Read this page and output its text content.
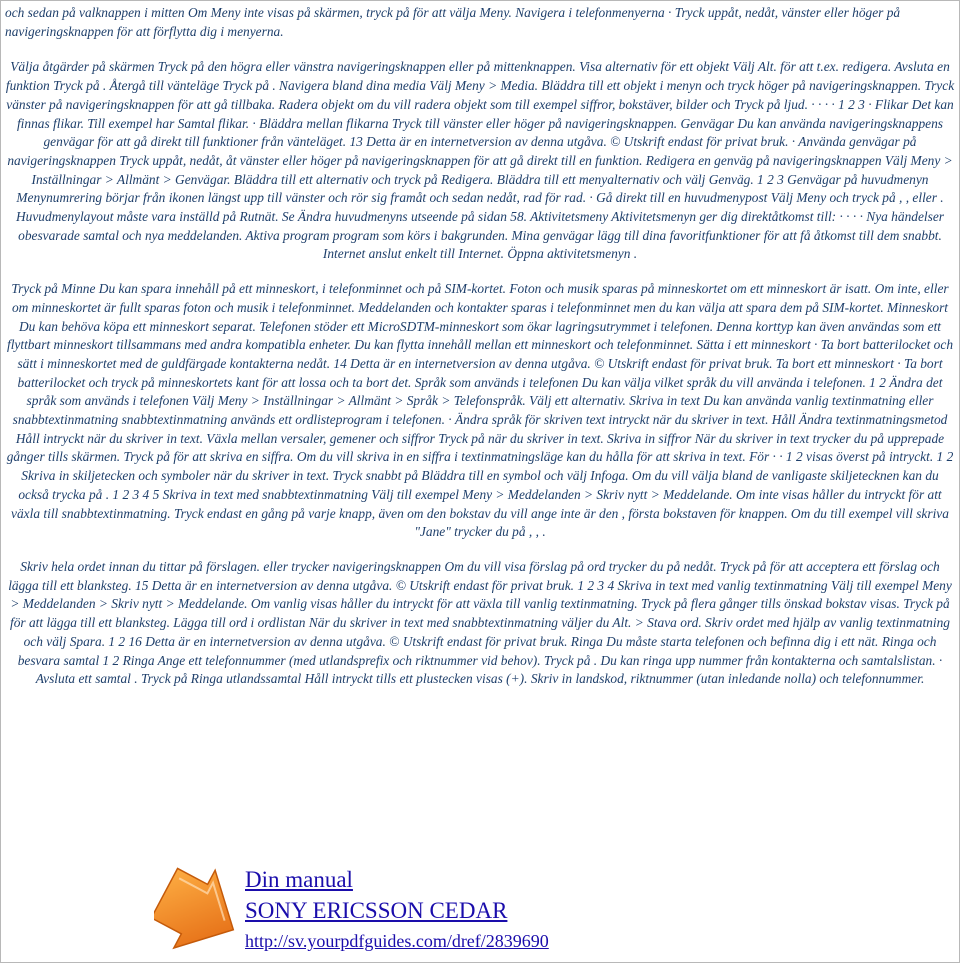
och sedan på valknappen i mitten Om Meny inte visas på skärmen, tryck på för att välja Meny. Navigera i telefonmenyerna · Tryck uppåt, nedåt, vänster eller höger på navigeringsknappen för att förflytta dig i menyerna.

Välja åtgärder på skärmen Tryck på den högra eller vänstra navigeringsknappen eller på mittenknappen. Visa alternativ för ett objekt Välj Alt. för att t.ex. redigera. Avsluta en funktion Tryck på . Återgå till vänteläge Tryck på . Navigera bland dina media Välj Meny > Media. Bläddra till ett objekt i menyn och tryck höger på navigeringsknappen. Tryck vänster på navigeringsknappen för att gå tillbaka. Radera objekt om du vill radera objekt som till exempel siffror, bokstäver, bilder och Tryck på ljud. · · · · 1 2 3 · Flikar Det kan finnas flikar. Till exempel har Samtal flikar. · Bläddra mellan flikarna Tryck till vänster eller höger på navigeringsknappen. Genvägar Du kan använda navigeringsknappens genvägar för att gå direkt till funktioner från vänteläget. 13 Detta är en internetversion av denna utgåva. © Utskrift endast för privat bruk. · Använda genvägar på navigeringsknappen Tryck uppåt, nedåt, åt vänster eller höger på navigeringsknappen för att gå direkt till en funktion. Redigera en genväg på navigeringsknappen Välj Meny > Inställningar > Allmänt > Genvägar. Bläddra till ett alternativ och tryck på Redigera. Bläddra till ett menyalternativ och välj Genväg. 1 2 3 Genvägar på huvudmenyn Menynumrering börjar från ikonen längst upp till vänster och rör sig framåt och sedan nedåt, rad för rad. · Gå direkt till en huvudmenypost Välj Meny och tryck på , , eller . Huvudmenylayout måste vara inställd på Rutnät. Se Ändra huvudmenyns utseende på sidan 58. Aktivitetsmeny Aktivitetsmenyn ger dig direktåtkomst till: · · · · Nya händelser obesvarade samtal och nya meddelanden. Aktiva program program som körs i bakgrunden. Mina genvägar lägg till dina favoritfunktioner för att få åtkomst till dem snabbt. Internet anslut enkelt till Internet. Öppna aktivitetsmenyn .

Tryck på Minne Du kan spara innehåll på ett minneskort, i telefonminnet och på SIM-kortet. Foton och musik sparas på minneskortet om ett minneskort är isatt. Om inte, eller om minneskortet är fullt sparas foton och musik i telefonminnet. Meddelanden och kontakter sparas i telefonminnet men du kan välja att spara dem på SIM-kortet. Minneskort Du kan behöva köpa ett minneskort separat. Telefonen stöder ett MicroSDTM-minneskort som ökar lagringsutrymmet i telefonen. Denna korttyp kan även användas som ett flyttbart minneskort tillsammans med andra kompatibla enheter. Du kan flytta innehåll mellan ett minneskort och telefonminnet. Sätta i ett minneskort · Ta bort batterilocket och sätt i minneskortet med de guldfärgade kontakterna nedåt. 14 Detta är en internetversion av denna utgåva. © Utskrift endast för privat bruk. Ta bort ett minneskort · Ta bort batterilocket och tryck på minneskortets kant för att lossa och ta bort det. Språk som används i telefonen Du kan välja vilket språk du vill använda i telefonen. 1 2 Ändra det språk som används i telefonen Välj Meny > Inställningar > Allmänt > Språk > Telefonspråk. Välj ett alternativ. Skriva in text Du kan använda vanlig textinmatning eller snabbtextinmatning snabbtextinmatning används ett ordlisteprogram i telefonen. · Ändra språk för skriven text intryckt när du skriver in text. Håll Ändra textinmatningsmetod Håll intryckt när du skriver in text. Växla mellan versaler, gemener och siffror Tryck på när du skriver in text. Skriva in siffror När du skriver in text trycker du på upprepade gånger tills skärmen. Tryck på för att skriva en siffra. Om du vill skriva in en siffra i textinmatningsläge kan du hålla för att skriva in text. För · · 1 2 visas överst på intryckt. 1 2 Skriva in skiljetecken och symboler när du skriver in text. Tryck snabbt på Bläddra till en symbol och välj Infoga. Om du vill välja bland de vanligaste skiljetecknen kan du också trycka på . 1 2 3 4 5 Skriva in text med snabbtextinmatning Välj till exempel Meny > Meddelanden > Skriv nytt > Meddelande. Om inte visas håller du intryckt för att växla till snabbtextinmatning. Tryck endast en gång på varje knapp, även om den bokstav du vill ange inte är den , första bokstaven för knappen. Om du till exempel vill skriva "Jane" trycker du på , , .

Skriv hela ordet innan du tittar på förslagen. eller trycker navigeringsknappen Om du vill visa förslag på ord trycker du på nedåt. Tryck på för att acceptera ett förslag och lägga till ett blanksteg. 15 Detta är en internetversion av denna utgåva. © Utskrift endast för privat bruk. 1 2 3 4 Skriva in text med vanlig textinmatning Välj till exempel Meny > Meddelanden > Skriv nytt > Meddelande. Om vanlig visas håller du intryckt för att växla till vanlig textinmatning. Tryck på flera gånger tills önskad bokstav visas. Tryck på för att lägga till ett blanksteg. Lägga till ord i ordlistan När du skriver in text med snabbtextinmatning väljer du Alt. > Stava ord. Skriv ordet med hjälp av vanlig textinmatning och välj Spara. 1 2 16 Detta är en internetversion av denna utgåva. © Utskrift endast för privat bruk. Ringa Du måste starta telefonen och befinna dig i ett nät. Ringa och besvara samtal 1 2 Ringa Ange ett telefonnummer (med utlandsprefix och riktnummer vid behov). Tryck på . Du kan ringa upp nummer från kontakterna och samtalslistan. · Avsluta ett samtal . Tryck på Ringa utlandssamtal Håll intryckt tills ett plustecken visas (+). Skriv in landskod, riktnummer (utan inledande nolla) och telefonnummer.

Din manual
SONY ERICSSON CEDAR
http://sv.yourpdfguides.com/dref/2839690
